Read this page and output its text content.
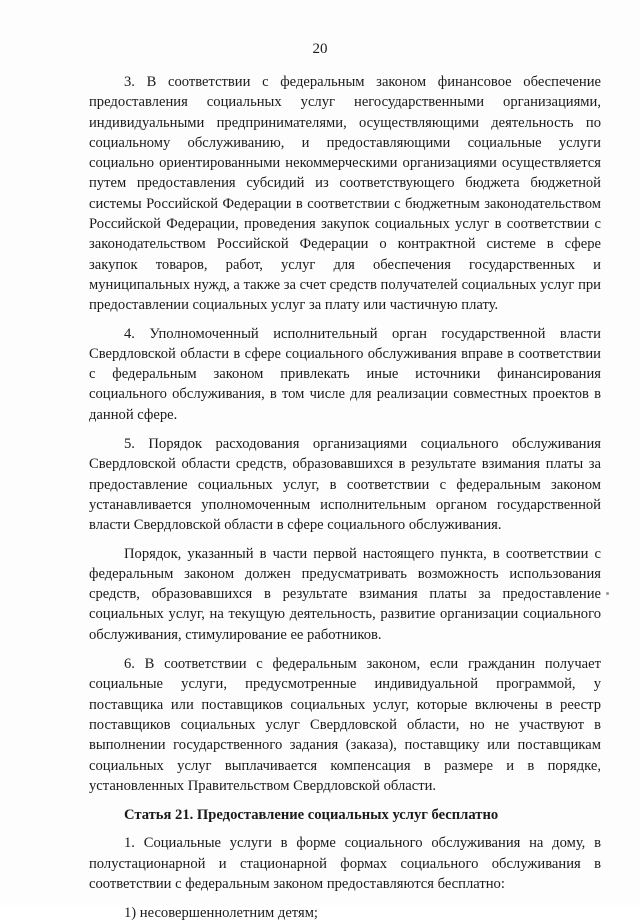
20

3. В соответствии с федеральным законом финансовое обеспечение предоставления социальных услуг негосударственными организациями, индивидуальными предпринимателями, осуществляющими деятельность по социальному обслуживанию, и предоставляющими социальные услуги социально ориентированными некоммерческими организациями осуществляется путем предоставления субсидий из соответствующего бюджета бюджетной системы Российской Федерации в соответствии с бюджетным законодательством Российской Федерации, проведения закупок социальных услуг в соответствии с законодательством Российской Федерации о контрактной системе в сфере закупок товаров, работ, услуг для обеспечения государственных и муниципальных нужд, а также за счет средств получателей социальных услуг при предоставлении социальных услуг за плату или частичную плату.

4. Уполномоченный исполнительный орган государственной власти Свердловской области в сфере социального обслуживания вправе в соответствии с федеральным законом привлекать иные источники финансирования социального обслуживания, в том числе для реализации совместных проектов в данной сфере.

5. Порядок расходования организациями социального обслуживания Свердловской области средств, образовавшихся в результате взимания платы за предоставление социальных услуг, в соответствии с федеральным законом устанавливается уполномоченным исполнительным органом государственной власти Свердловской области в сфере социального обслуживания.

Порядок, указанный в части первой настоящего пункта, в соответствии с федеральным законом должен предусматривать возможность использования средств, образовавшихся в результате взимания платы за предоставление социальных услуг, на текущую деятельность, развитие организации социального обслуживания, стимулирование ее работников.

6. В соответствии с федеральным законом, если гражданин получает социальные услуги, предусмотренные индивидуальной программой, у поставщика или поставщиков социальных услуг, которые включены в реестр поставщиков социальных услуг Свердловской области, но не участвуют в выполнении государственного задания (заказа), поставщику или поставщикам социальных услуг выплачивается компенсация в размере и в порядке, установленных Правительством Свердловской области.

Статья 21. Предоставление социальных услуг бесплатно

1. Социальные услуги в форме социального обслуживания на дому, в полустационарной и стационарной формах социального обслуживания в соответствии с федеральным законом предоставляются бесплатно:

1) несовершеннолетним детям;
